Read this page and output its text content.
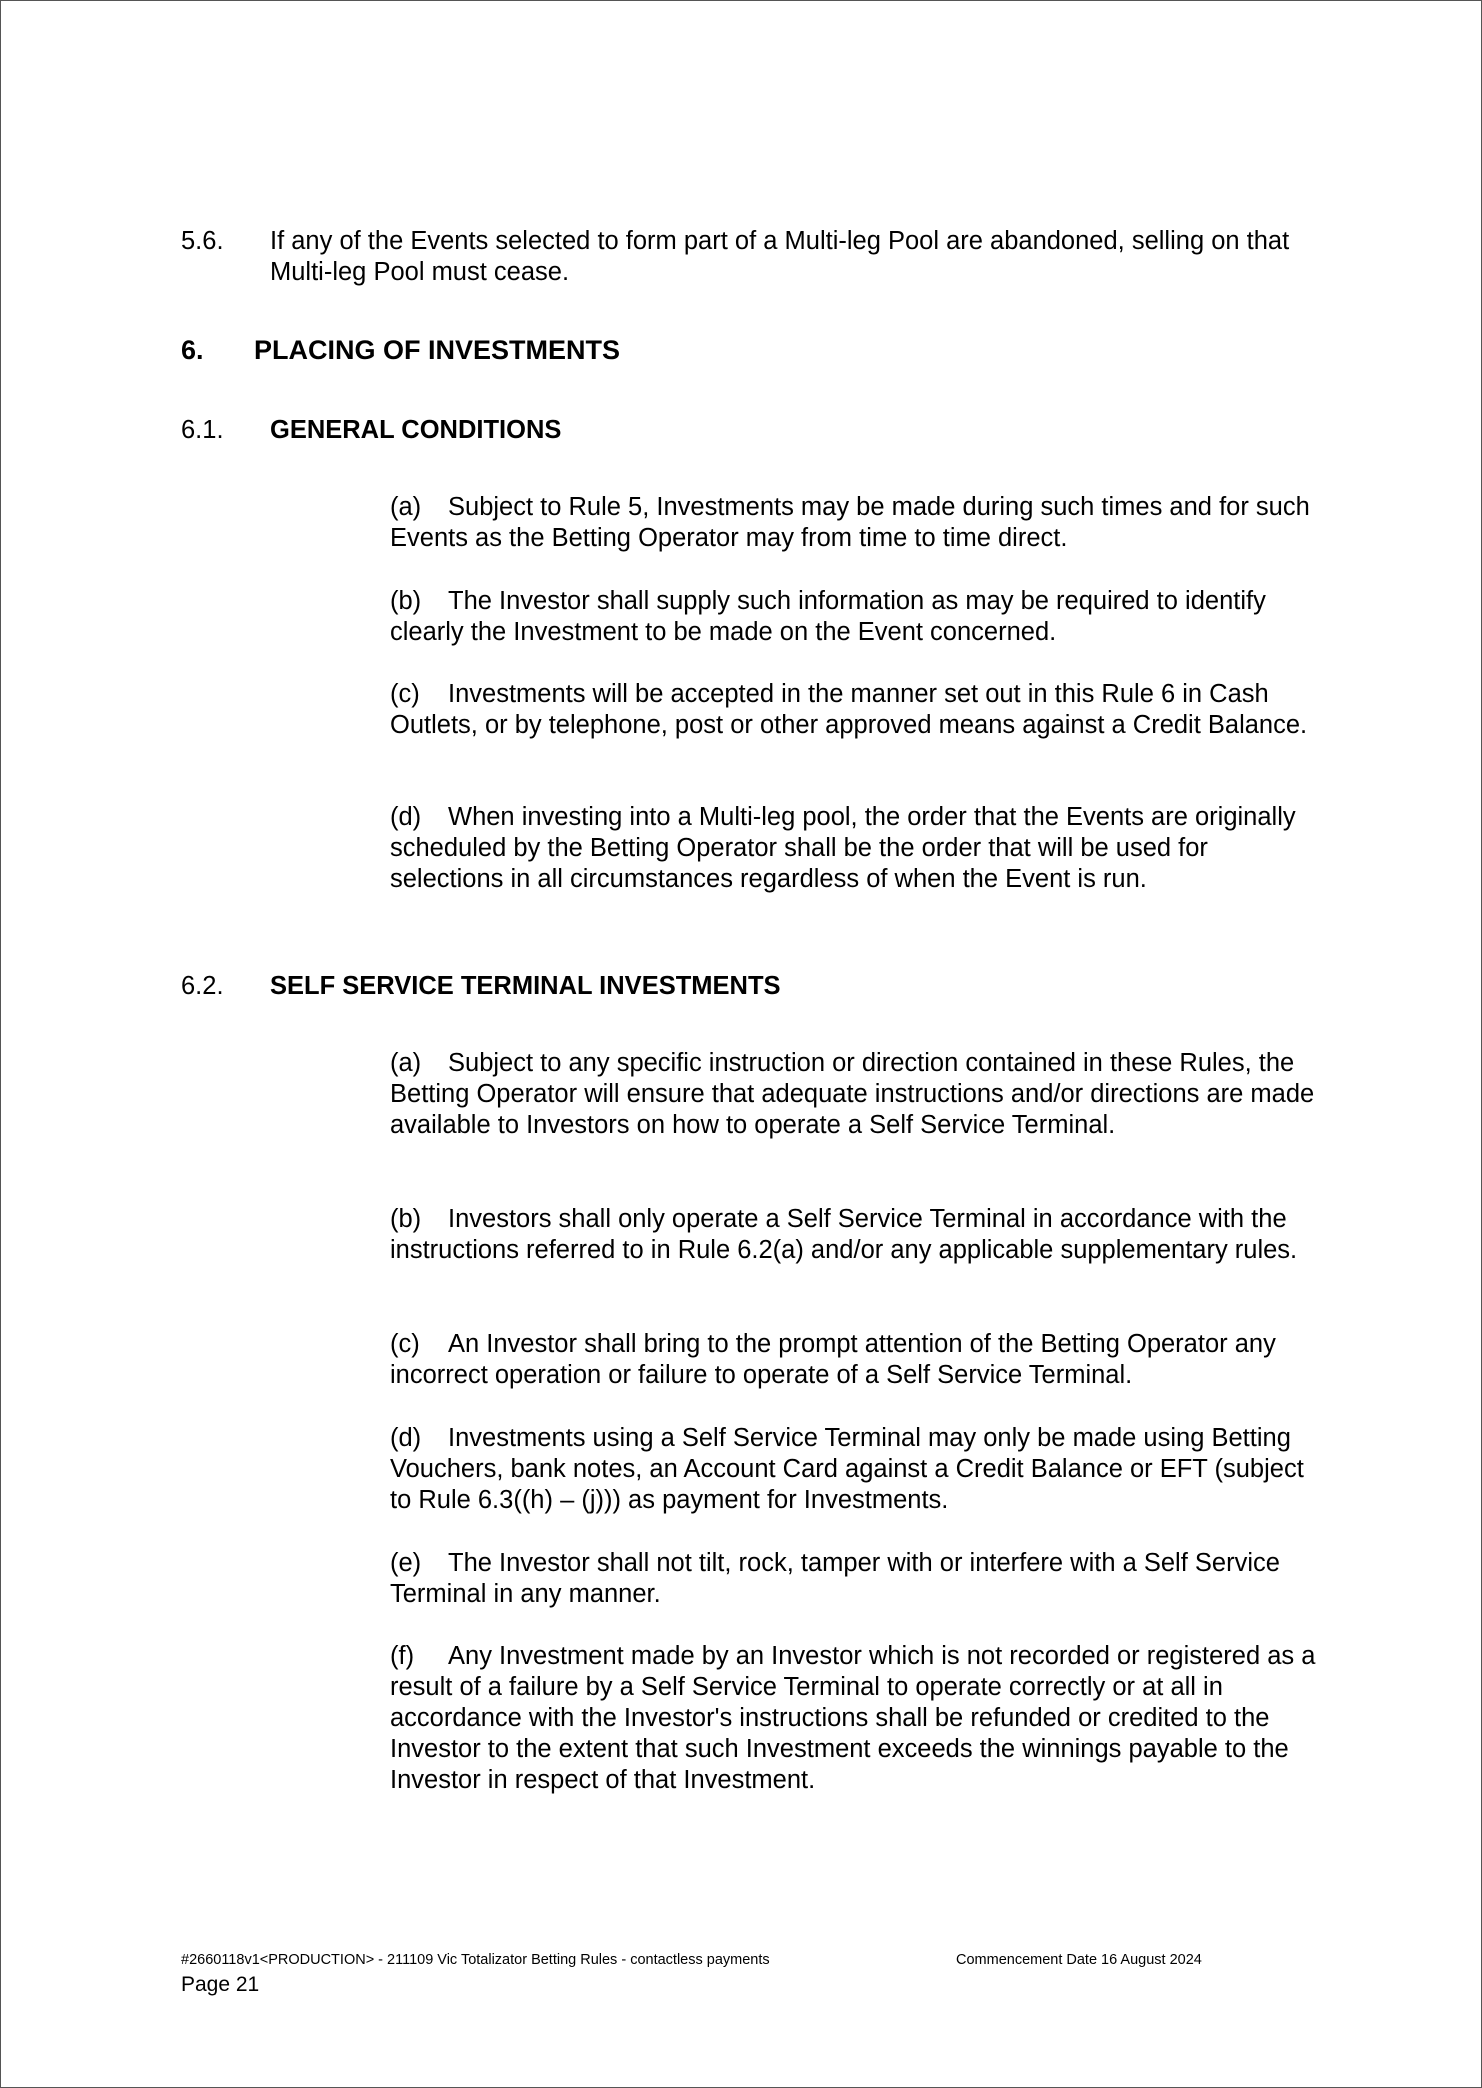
5.6. If any of the Events selected to form part of a Multi-leg Pool are abandoned, selling on that Multi-leg Pool must cease.
6. PLACING OF INVESTMENTS
6.1. GENERAL CONDITIONS
(a) Subject to Rule 5, Investments may be made during such times and for such Events as the Betting Operator may from time to time direct.
(b) The Investor shall supply such information as may be required to identify clearly the Investment to be made on the Event concerned.
(c) Investments will be accepted in the manner set out in this Rule 6 in Cash Outlets, or by telephone, post or other approved means against a Credit Balance.
(d) When investing into a Multi-leg pool, the order that the Events are originally scheduled by the Betting Operator shall be the order that will be used for selections in all circumstances regardless of when the Event is run.
6.2. SELF SERVICE TERMINAL INVESTMENTS
(a) Subject to any specific instruction or direction contained in these Rules, the Betting Operator will ensure that adequate instructions and/or directions are made available to Investors on how to operate a Self Service Terminal.
(b) Investors shall only operate a Self Service Terminal in accordance with the instructions referred to in Rule 6.2(a) and/or any applicable supplementary rules.
(c) An Investor shall bring to the prompt attention of the Betting Operator any incorrect operation or failure to operate of a Self Service Terminal.
(d) Investments using a Self Service Terminal may only be made using Betting Vouchers, bank notes, an Account Card against a Credit Balance or EFT (subject to Rule 6.3((h) – (j))) as payment for Investments.
(e) The Investor shall not tilt, rock, tamper with or interfere with a Self Service Terminal in any manner.
(f) Any Investment made by an Investor which is not recorded or registered as a result of a failure by a Self Service Terminal to operate correctly or at all in accordance with the Investor's instructions shall be refunded or credited to the Investor to the extent that such Investment exceeds the winnings payable to the Investor in respect of that Investment.
#2660118v1<PRODUCTION> - 211109 Vic Totalizator Betting Rules - contactless payments	Commencement Date 16 August 2024
Page 21
